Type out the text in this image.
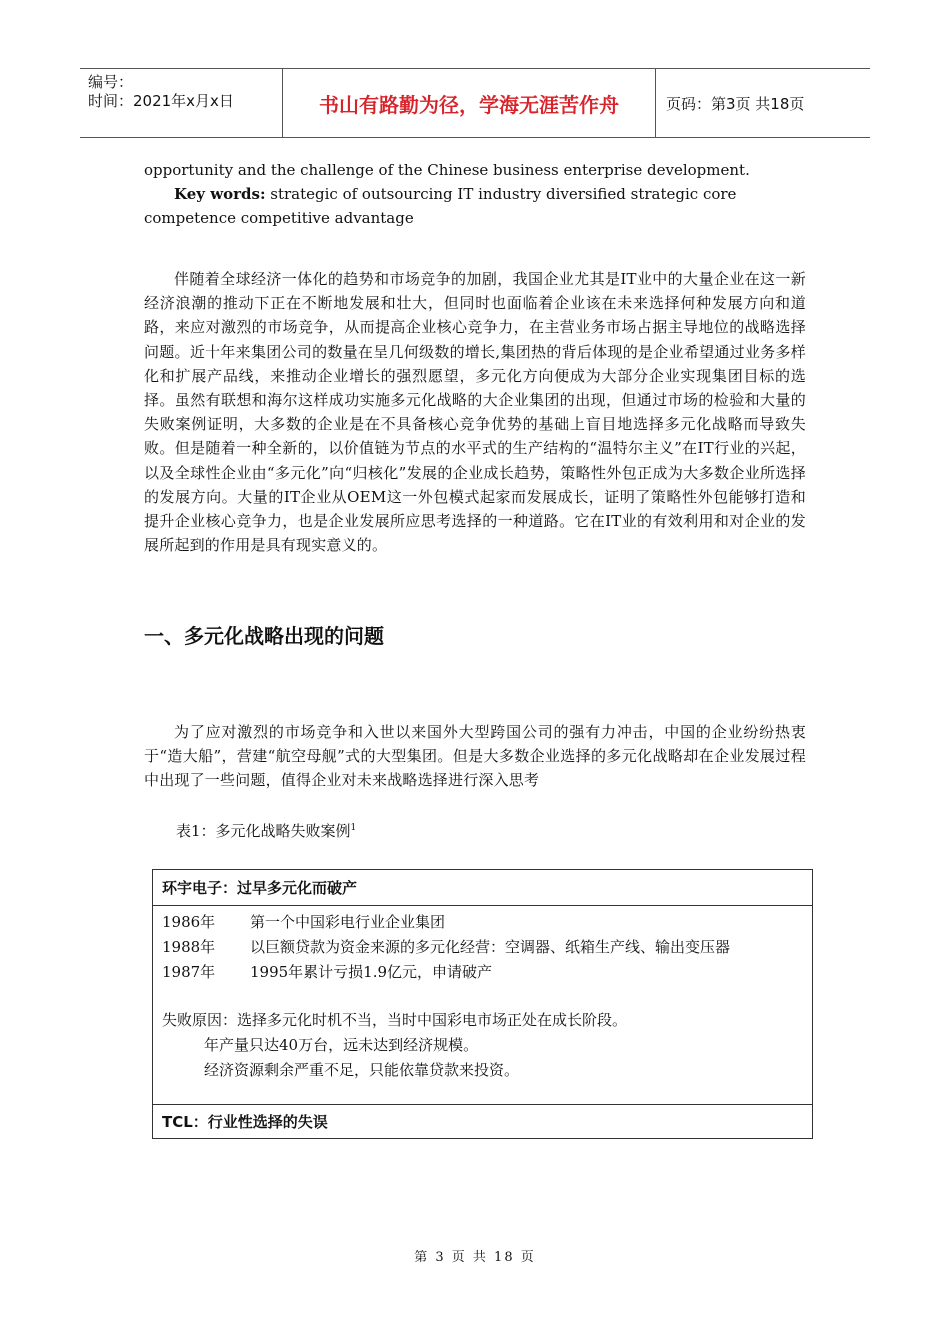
编号：
时间：2021年x月x日	书山有路勤为径，学海无涯苦作舟	页码：第3页 共18页

opportunity and the challenge of the Chinese business enterprise development.

Key words: strategic of outsourcing IT industry diversified strategic core competence competitive advantage

伴随着全球经济一体化的趋势和市场竞争的加剧，我国企业尤其是IT业中的大量企业在这一新经济浪潮的推动下正在不断地发展和壮大，但同时也面临着企业该在未来选择何种发展方向和道路，来应对激烈的市场竞争，从而提高企业核心竞争力，在主营业务市场占据主导地位的战略选择问题。近十年来集团公司的数量在呈几何级数的增长,集团热的背后体现的是企业希望通过业务多样化和扩展产品线，来推动企业增长的强烈愿望，多元化方向便成为大部分企业实现集团目标的选择。虽然有联想和海尔这样成功实施多元化战略的大企业集团的出现，但通过市场的检验和大量的失败案例证明，大多数的企业是在不具备核心竞争优势的基础上盲目地选择多元化战略而导致失败。但是随着一种全新的，以价值链为节点的水平式的生产结构的“温特尔主义”在IT行业的兴起，以及全球性企业由“多元化”向“归核化”发展的企业成长趋势，策略性外包正成为大多数企业所选择的发展方向。大量的IT企业从OEM这一外包模式起家而发展成长，证明了策略性外包能够打造和提升企业核心竞争力，也是企业发展所应思考选择的一种道路。它在IT业的有效利用和对企业的发展所起到的作用是具有现实意义的。

一、多元化战略出现的问题

为了应对激烈的市场竞争和入世以来国外大型跨国公司的强有力冲击，中国的企业纷纷热衷于“造大船”，营建“航空母舰”式的大型集团。但是大多数企业选择的多元化战略却在企业发展过程中出现了一些问题，值得企业对未来战略选择进行深入思考

表1：多元化战略失败案例$^1$
环宇电子：过早多元化而破产
1986年	第一个中国彩电行业企业集团
1988年	以巨额贷款为资金来源的多元化经营：空调器、纸箱生产线、输出变压器
1987年	1995年累计亏损1.9亿元，申请破产
失败原因：选择多元化时机不当，当时中国彩电市场正处在成长阶段。
年产量只达40万台，远未达到经济规模。
经济资源剩余严重不足，只能依靠贷款来投资。
TCL：行业性选择的失误
第 3 页 共 18 页
